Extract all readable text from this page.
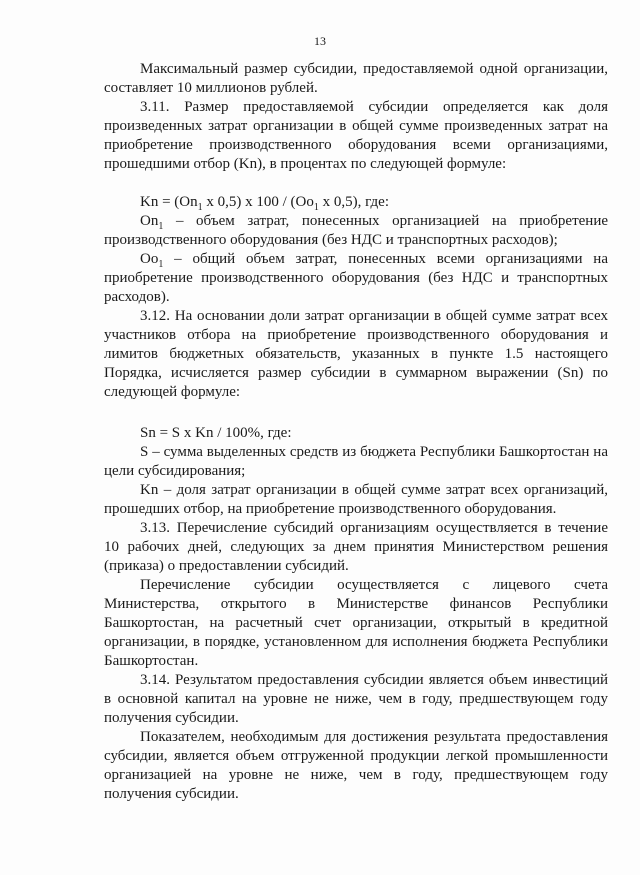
13

Максимальный размер субсидии, предоставляемой одной организации, составляет 10 миллионов рублей.

3.11. Размер предоставляемой субсидии определяется как доля произведенных затрат организации в общей сумме произведенных затрат на приобретение производственного оборудования всеми организациями, прошедшими отбор (Kn), в процентах по следующей формуле:

$Kn = (On_1$ x 0,5) x $100 / (Oo_1$ x 0,5), где:

$On_1$ – объем затрат, понесенных организацией на приобретение производственного оборудования (без НДС и транспортных расходов);

$Oo_1$ – общий объем затрат, понесенных всеми организациями на приобретение производственного оборудования (без НДС и транспортных расходов).

3.12. На основании доли затрат организации в общей сумме затрат всех участников отбора на приобретение производственного оборудования и лимитов бюджетных обязательств, указанных в пункте 1.5 настоящего Порядка, исчисляется размер субсидии в суммарном выражении (Sn) по следующей формуле:

Sn = S x Kn / 100%, где:

S – сумма выделенных средств из бюджета Республики Башкортостан на цели субсидирования;

Kn – доля затрат организации в общей сумме затрат всех организаций, прошедших отбор, на приобретение производственного оборудования.

3.13. Перечисление субсидий организациям осуществляется в течение 10 рабочих дней, следующих за днем принятия Министерством решения (приказа) о предоставлении субсидий.

Перечисление субсидии осуществляется с лицевого счета Министерства, открытого в Министерстве финансов Республики Башкортостан, на расчетный счет организации, открытый в кредитной организации, в порядке, установленном для исполнения бюджета Республики Башкортостан.

3.14. Результатом предоставления субсидии является объем инвестиций в основной капитал на уровне не ниже, чем в году, предшествующем году получения субсидии.

Показателем, необходимым для достижения результата предоставления субсидии, является объем отгруженной продукции легкой промышленности организацией на уровне не ниже, чем в году, предшествующем году получения субсидии.
